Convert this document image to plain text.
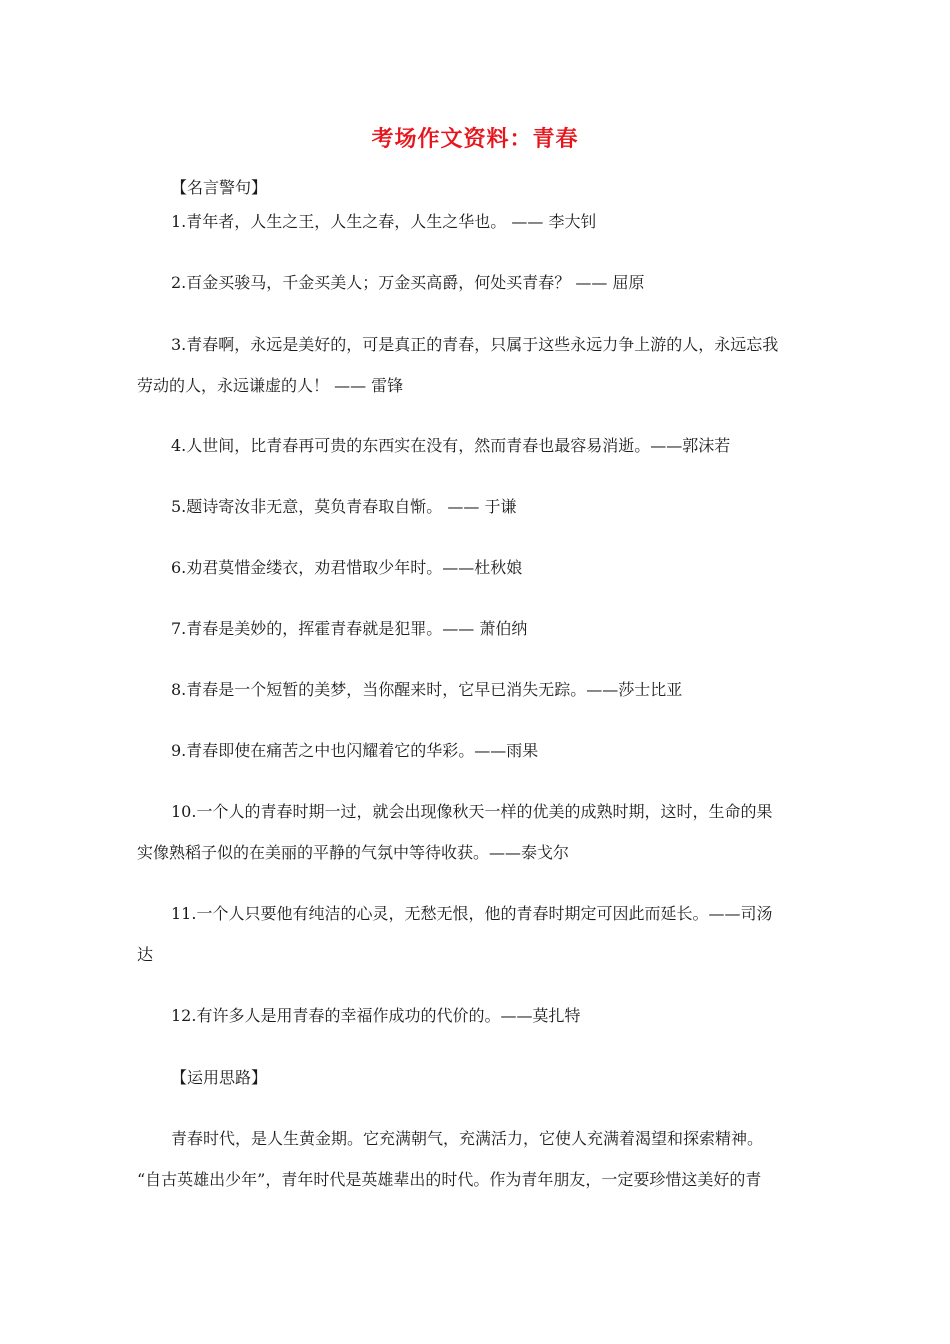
考场作文资料：青春
【名言警句】
1.青年者，人生之王，人生之春，人生之华也。 —— 李大钊
2.百金买骏马，千金买美人；万金买高爵，何处买青春？ —— 屈原
3.青春啊，永远是美好的，可是真正的青春，只属于这些永远力争上游的人，永远忘我
劳动的人，永远谦虚的人！ —— 雷锋
4.人世间，比青春再可贵的东西实在没有，然而青春也最容易消逝。——郭沫若
5.题诗寄汝非无意，莫负青春取自惭。 —— 于谦
6.劝君莫惜金缕衣，劝君惜取少年时。——杜秋娘
7.青春是美妙的，挥霍青春就是犯罪。—— 萧伯纳
8.青春是一个短暂的美梦，当你醒来时，它早已消失无踪。——莎士比亚
9.青春即使在痛苦之中也闪耀着它的华彩。——雨果
10.一个人的青春时期一过，就会出现像秋天一样的优美的成熟时期，这时，生命的果
实像熟稻子似的在美丽的平静的气氛中等待收获。——泰戈尔
11.一个人只要他有纯洁的心灵，无愁无恨，他的青春时期定可因此而延长。——司汤
达
12.有许多人是用青春的幸福作成功的代价的。——莫扎特
【运用思路】
青春时代，是人生黄金期。它充满朝气，充满活力，它使人充满着渴望和探索精神。
“自古英雄出少年”，青年时代是英雄辈出的时代。作为青年朋友，一定要珍惜这美好的青
